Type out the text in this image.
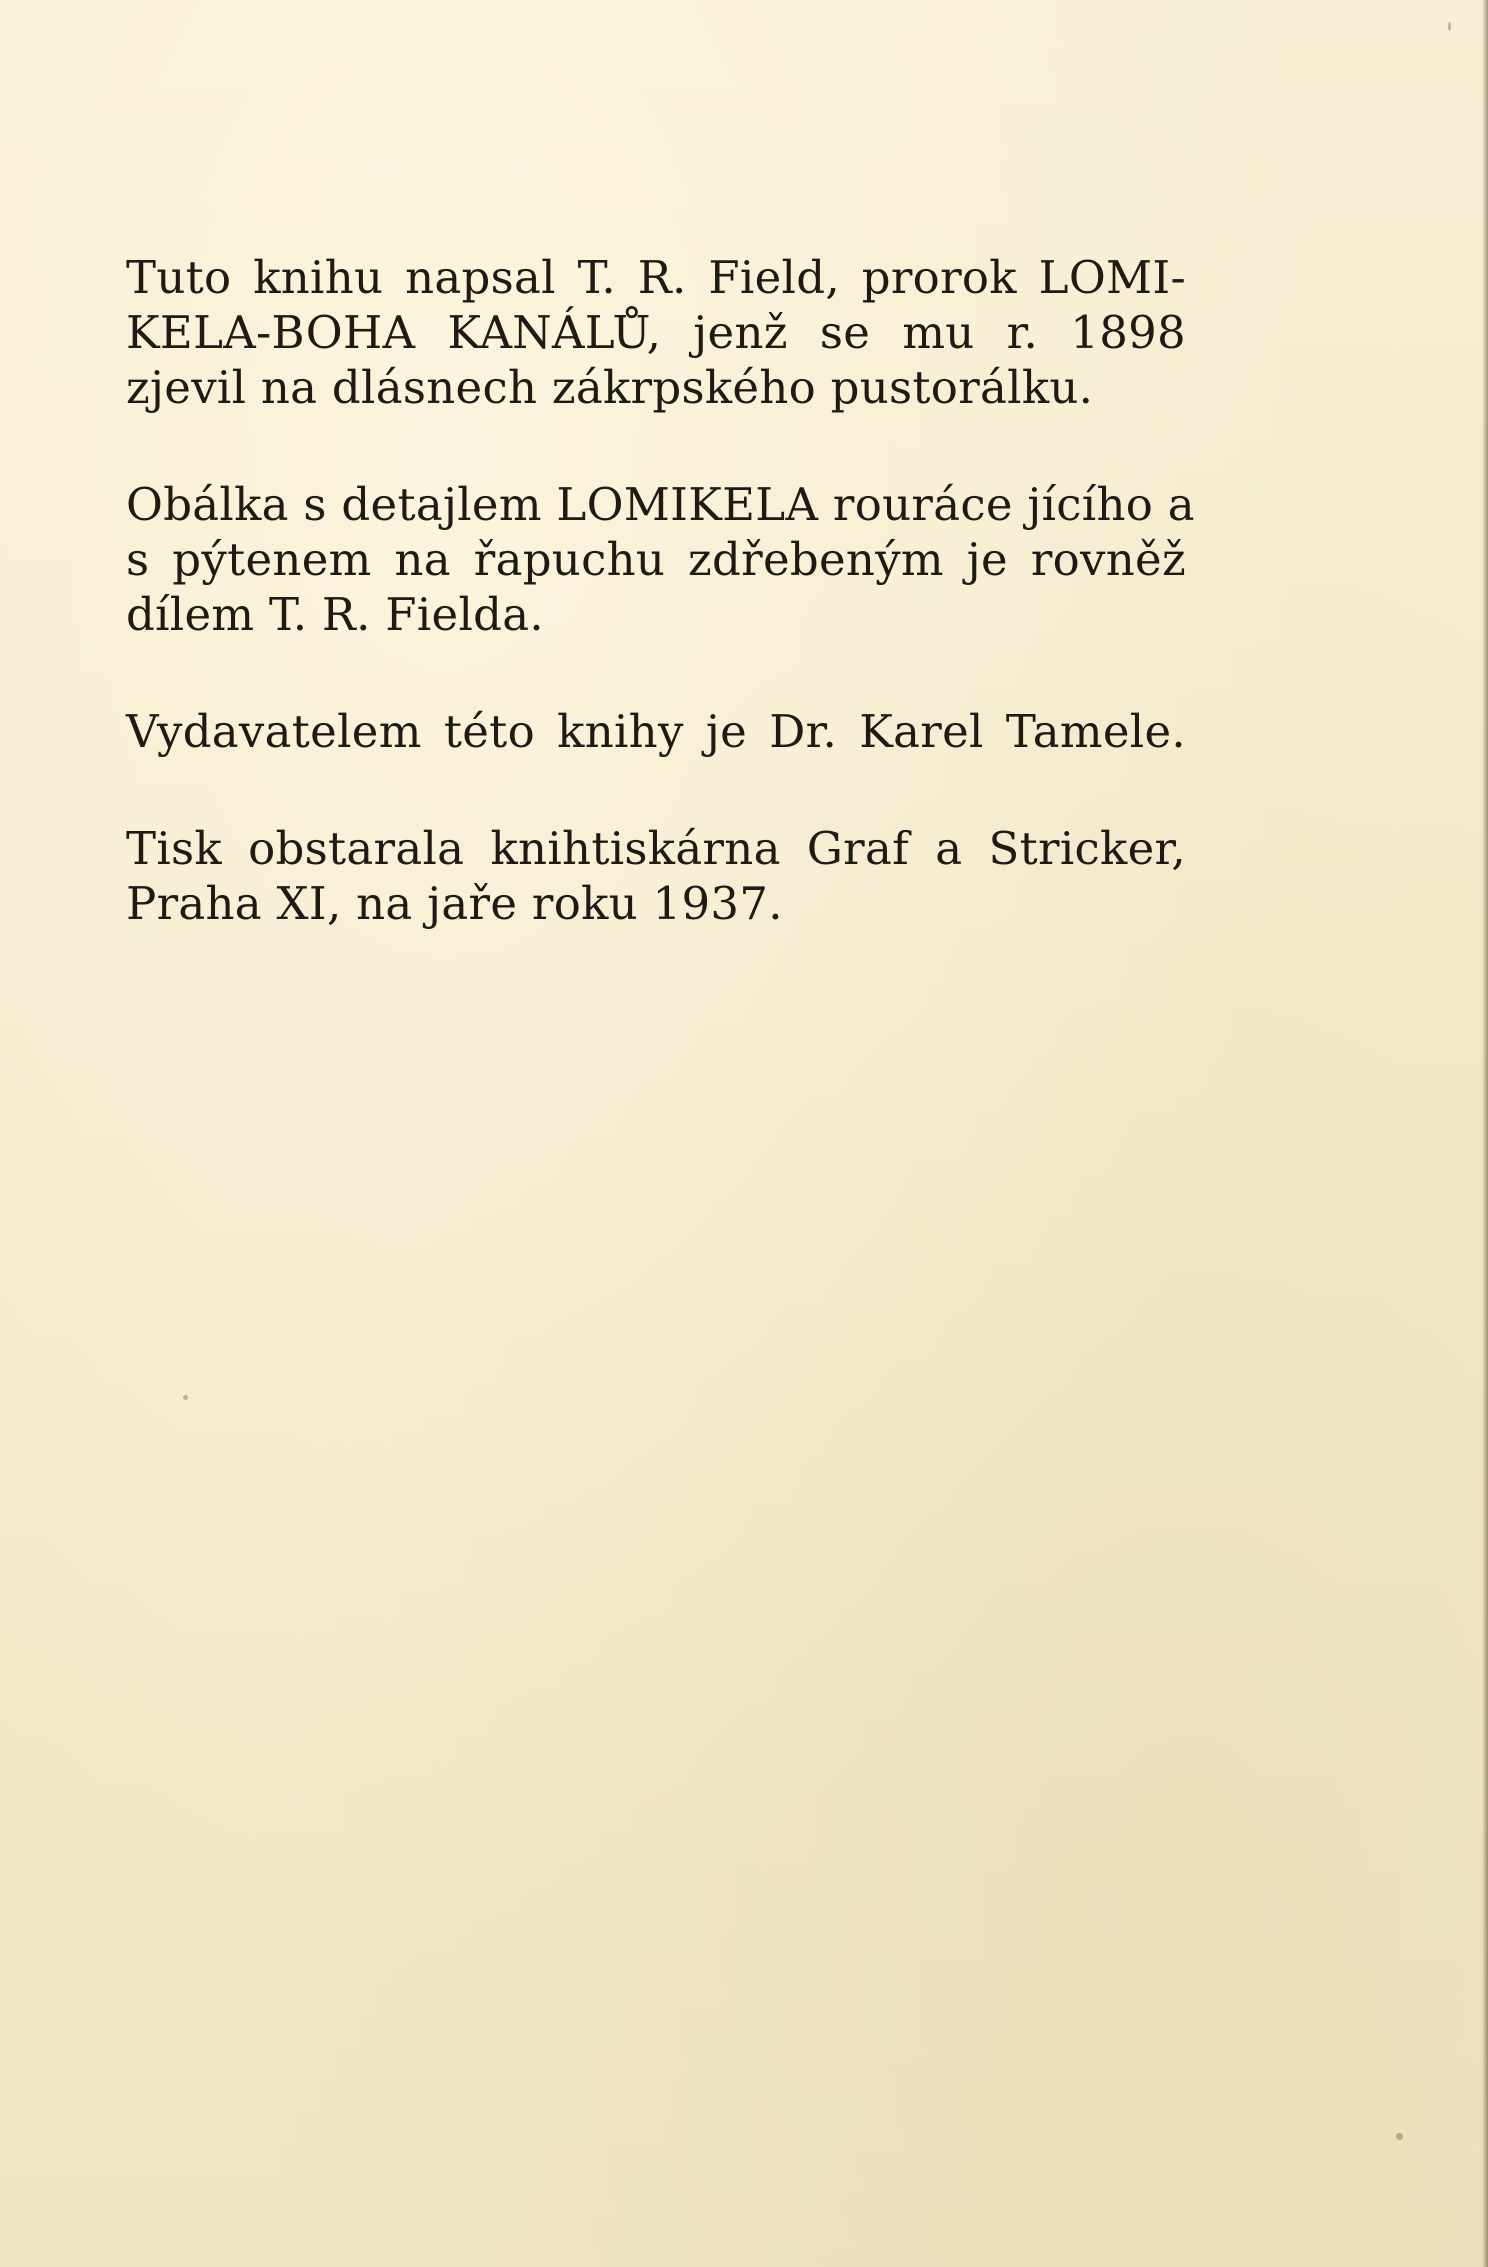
Tuto knihu napsal T. R. Field, prorok LOMI-
KELA-BOHA KANÁLŮ, jenž se mu r. 1898
zjevil na dlásnech zákrpského pustorálku.

Obálka s detajlem LOMIKELA rouráce jícího a
s pýtenem na řapuchu zdřebeným je rovněž
dílem T. R. Fielda.

Vydavatelem této knihy je Dr. Karel Tamele.

Tisk obstarala knihtiskárna Graf a Stricker,
Praha XI, na jaře roku 1937.
